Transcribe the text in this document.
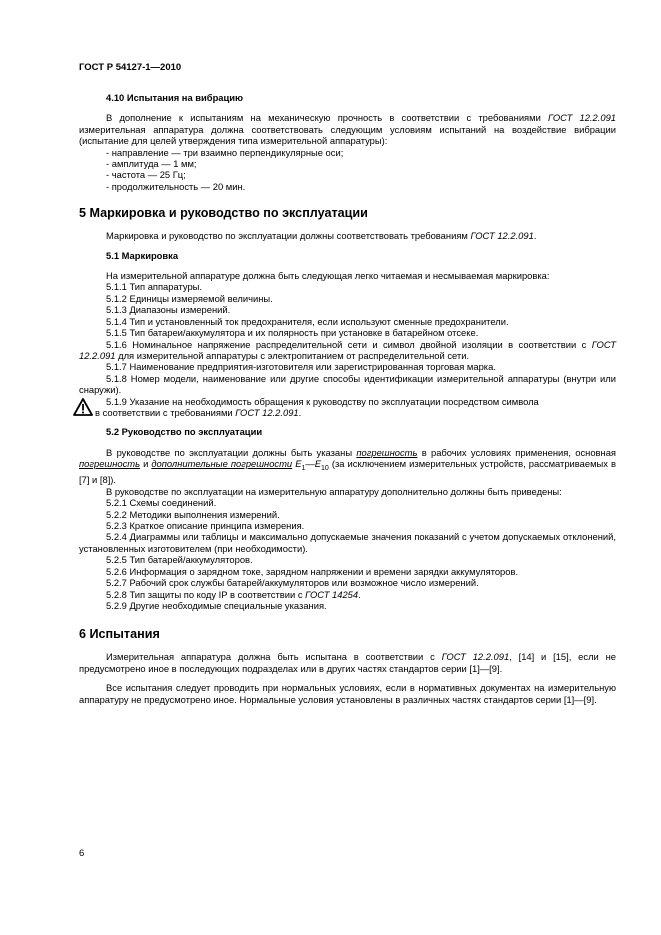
ГОСТ Р 54127-1—2010

4.10 Испытания на вибрацию

В дополнение к испытаниям на механическую прочность в соответствии с требованиями ГОСТ 12.2.091 измерительная аппаратура должна соответствовать следующим условиям испытаний на воздействие вибрации (испытание для целей утверждения типа измерительной аппаратуры):

- направление — три взаимно перпендикулярные оси;

- амплитуда — 1 мм;

- частота — 25 Гц;

- продолжительность — 20 мин.

5 Маркировка и руководство по эксплуатации

Маркировка и руководство по эксплуатации должны соответствовать требованиям ГОСТ 12.2.091.

5.1 Маркировка

На измерительной аппаратуре должна быть следующая легко читаемая и несмываемая маркировка:

5.1.1 Тип аппаратуры.

5.1.2 Единицы измеряемой величины.

5.1.3 Диапазоны измерений.

5.1.4 Тип и установленный ток предохранителя, если используют сменные предохранители.

5.1.5 Тип батареи/аккумулятора и их полярность при установке в батарейном отсеке.

5.1.6 Номинальное напряжение распределительной сети и символ двойной изоляции в соответствии с ГОСТ 12.2.091 для измерительной аппаратуры с электропитанием от распределительной сети.

5.1.7 Наименование предприятия-изготовителя или зарегистрированная торговая марка.

5.1.8 Номер модели, наименование или другие способы идентификации измерительной аппаратуры (внутри или снаружи).

5.1.9 Указание на необходимость обращения к руководству по эксплуатации посредством символа

в соответствии с требованиями ГОСТ 12.2.091.

5.2 Руководство по эксплуатации

В руководстве по эксплуатации должны быть указаны погрешность в рабочих условиях применения, основная погрешность и дополнительные погрешности $E_1—E_{10}$ (за исключением измерительных устройств, рассматриваемых в [7] и [8]).

В руководстве по эксплуатации на измерительную аппаратуру дополнительно должны быть приведены:

5.2.1 Схемы соединений.

5.2.2 Методики выполнения измерений.

5.2.3 Краткое описание принципа измерения.

5.2.4 Диаграммы или таблицы и максимально допускаемые значения показаний с учетом допускаемых отклонений, установленных изготовителем (при необходимости).

5.2.5 Тип батарей/аккумуляторов.

5.2.6 Информация о зарядном токе, зарядном напряжении и времени зарядки аккумуляторов.

5.2.7 Рабочий срок службы батарей/аккумуляторов или возможное число измерений.

5.2.8 Тип защиты по коду IP в соответствии с ГОСТ 14254.

5.2.9 Другие необходимые специальные указания.

6 Испытания

Измерительная аппаратура должна быть испытана в соответствии с ГОСТ 12.2.091, [14] и [15], если не предусмотрено иное в последующих подразделах или в других частях стандартов серии [1]—[9].

Все испытания следует проводить при нормальных условиях, если в нормативных документах на измерительную аппаратуру не предусмотрено иное. Нормальные условия установлены в различных частях стандартов серии [1]—[9].

6
